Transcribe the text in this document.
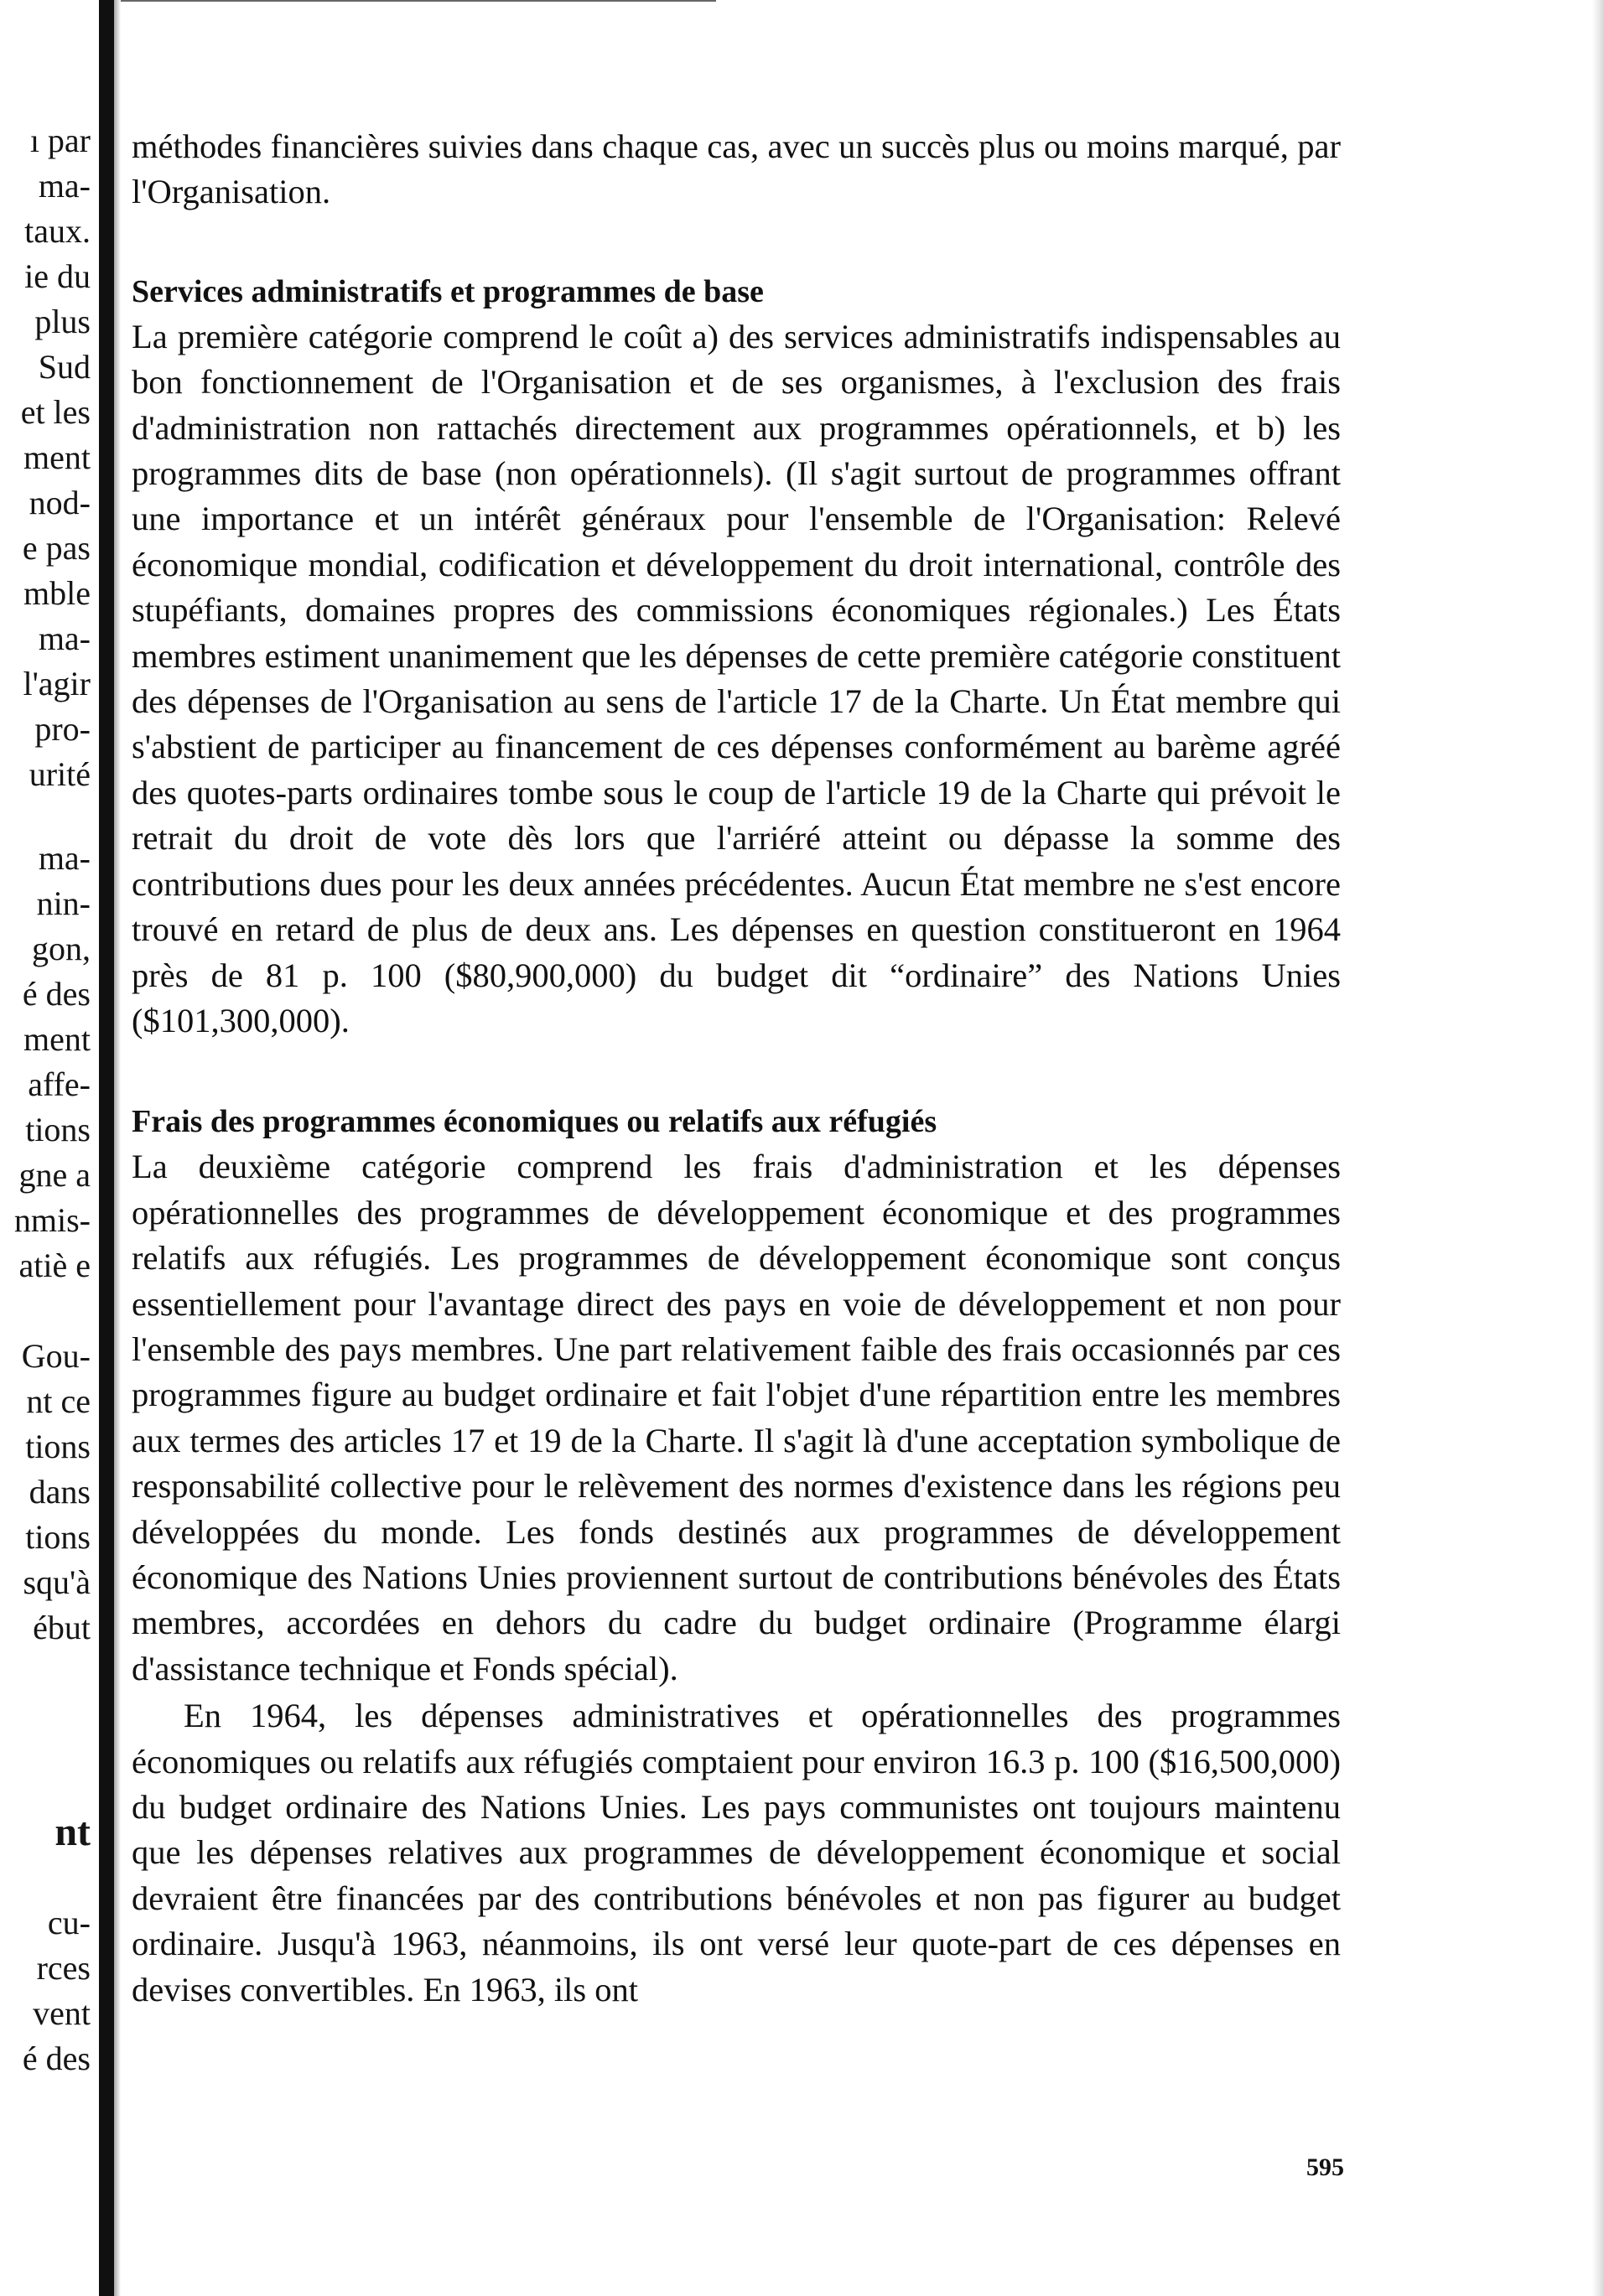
ı par
ma-
taux.
ie du
plus
Sud
et les
ment
nod-
e pas
mble
ma-
l'agir
pro-
urité
ma-
nin-
gon,
é des
ment
affe-
tions
gne a
nmis-
atiè e
Gou-
nt ce
tions
dans
tions
squ'à
ébut
nt
cu-
rces
vent
é des

méthodes financières suivies dans chaque cas, avec un succès plus ou moins marqué, par l'Organisation.

Services administratifs et programmes de base

La première catégorie comprend le coût a) des services administratifs indispensables au bon fonctionnement de l'Organisation et de ses organismes, à l'exclusion des frais d'administration non rattachés directement aux programmes opérationnels, et b) les programmes dits de base (non opérationnels). (Il s'agit surtout de programmes offrant une importance et un intérêt généraux pour l'ensemble de l'Organisation: Relevé économique mondial, codification et développement du droit international, contrôle des stupéfiants, domaines propres des commissions économiques régionales.) Les États membres estiment unanimement que les dépenses de cette première catégorie constituent des dépenses de l'Organisation au sens de l'article 17 de la Charte. Un État membre qui s'abstient de participer au financement de ces dépenses conformément au barème agréé des quotes-parts ordinaires tombe sous le coup de l'article 19 de la Charte qui prévoit le retrait du droit de vote dès lors que l'arriéré atteint ou dépasse la somme des contributions dues pour les deux années précédentes. Aucun État membre ne s'est encore trouvé en retard de plus de deux ans. Les dépenses en question constitueront en 1964 près de 81 p. 100 ($80,900,000) du budget dit “ordinaire” des Nations Unies ($101,300,000).

Frais des programmes économiques ou relatifs aux réfugiés

La deuxième catégorie comprend les frais d'administration et les dépenses opérationnelles des programmes de développement économique et des programmes relatifs aux réfugiés. Les programmes de développement économique sont conçus essentiellement pour l'avantage direct des pays en voie de développement et non pour l'ensemble des pays membres. Une part relativement faible des frais occasionnés par ces programmes figure au budget ordinaire et fait l'objet d'une répartition entre les membres aux termes des articles 17 et 19 de la Charte. Il s'agit là d'une acceptation symbolique de responsabilité collective pour le relèvement des normes d'existence dans les régions peu développées du monde. Les fonds destinés aux programmes de développement économique des Nations Unies proviennent surtout de contributions bénévoles des États membres, accordées en dehors du cadre du budget ordinaire (Programme élargi d'assistance technique et Fonds spécial).

En 1964, les dépenses administratives et opérationnelles des programmes économiques ou relatifs aux réfugiés comptaient pour environ 16.3 p. 100 ($16,500,000) du budget ordinaire des Nations Unies. Les pays communistes ont toujours maintenu que les dépenses relatives aux programmes de développement économique et social devraient être financées par des contributions bénévoles et non pas figurer au budget ordinaire. Jusqu'à 1963, néanmoins, ils ont versé leur quote-part de ces dépenses en devises convertibles. En 1963, ils ont

595
